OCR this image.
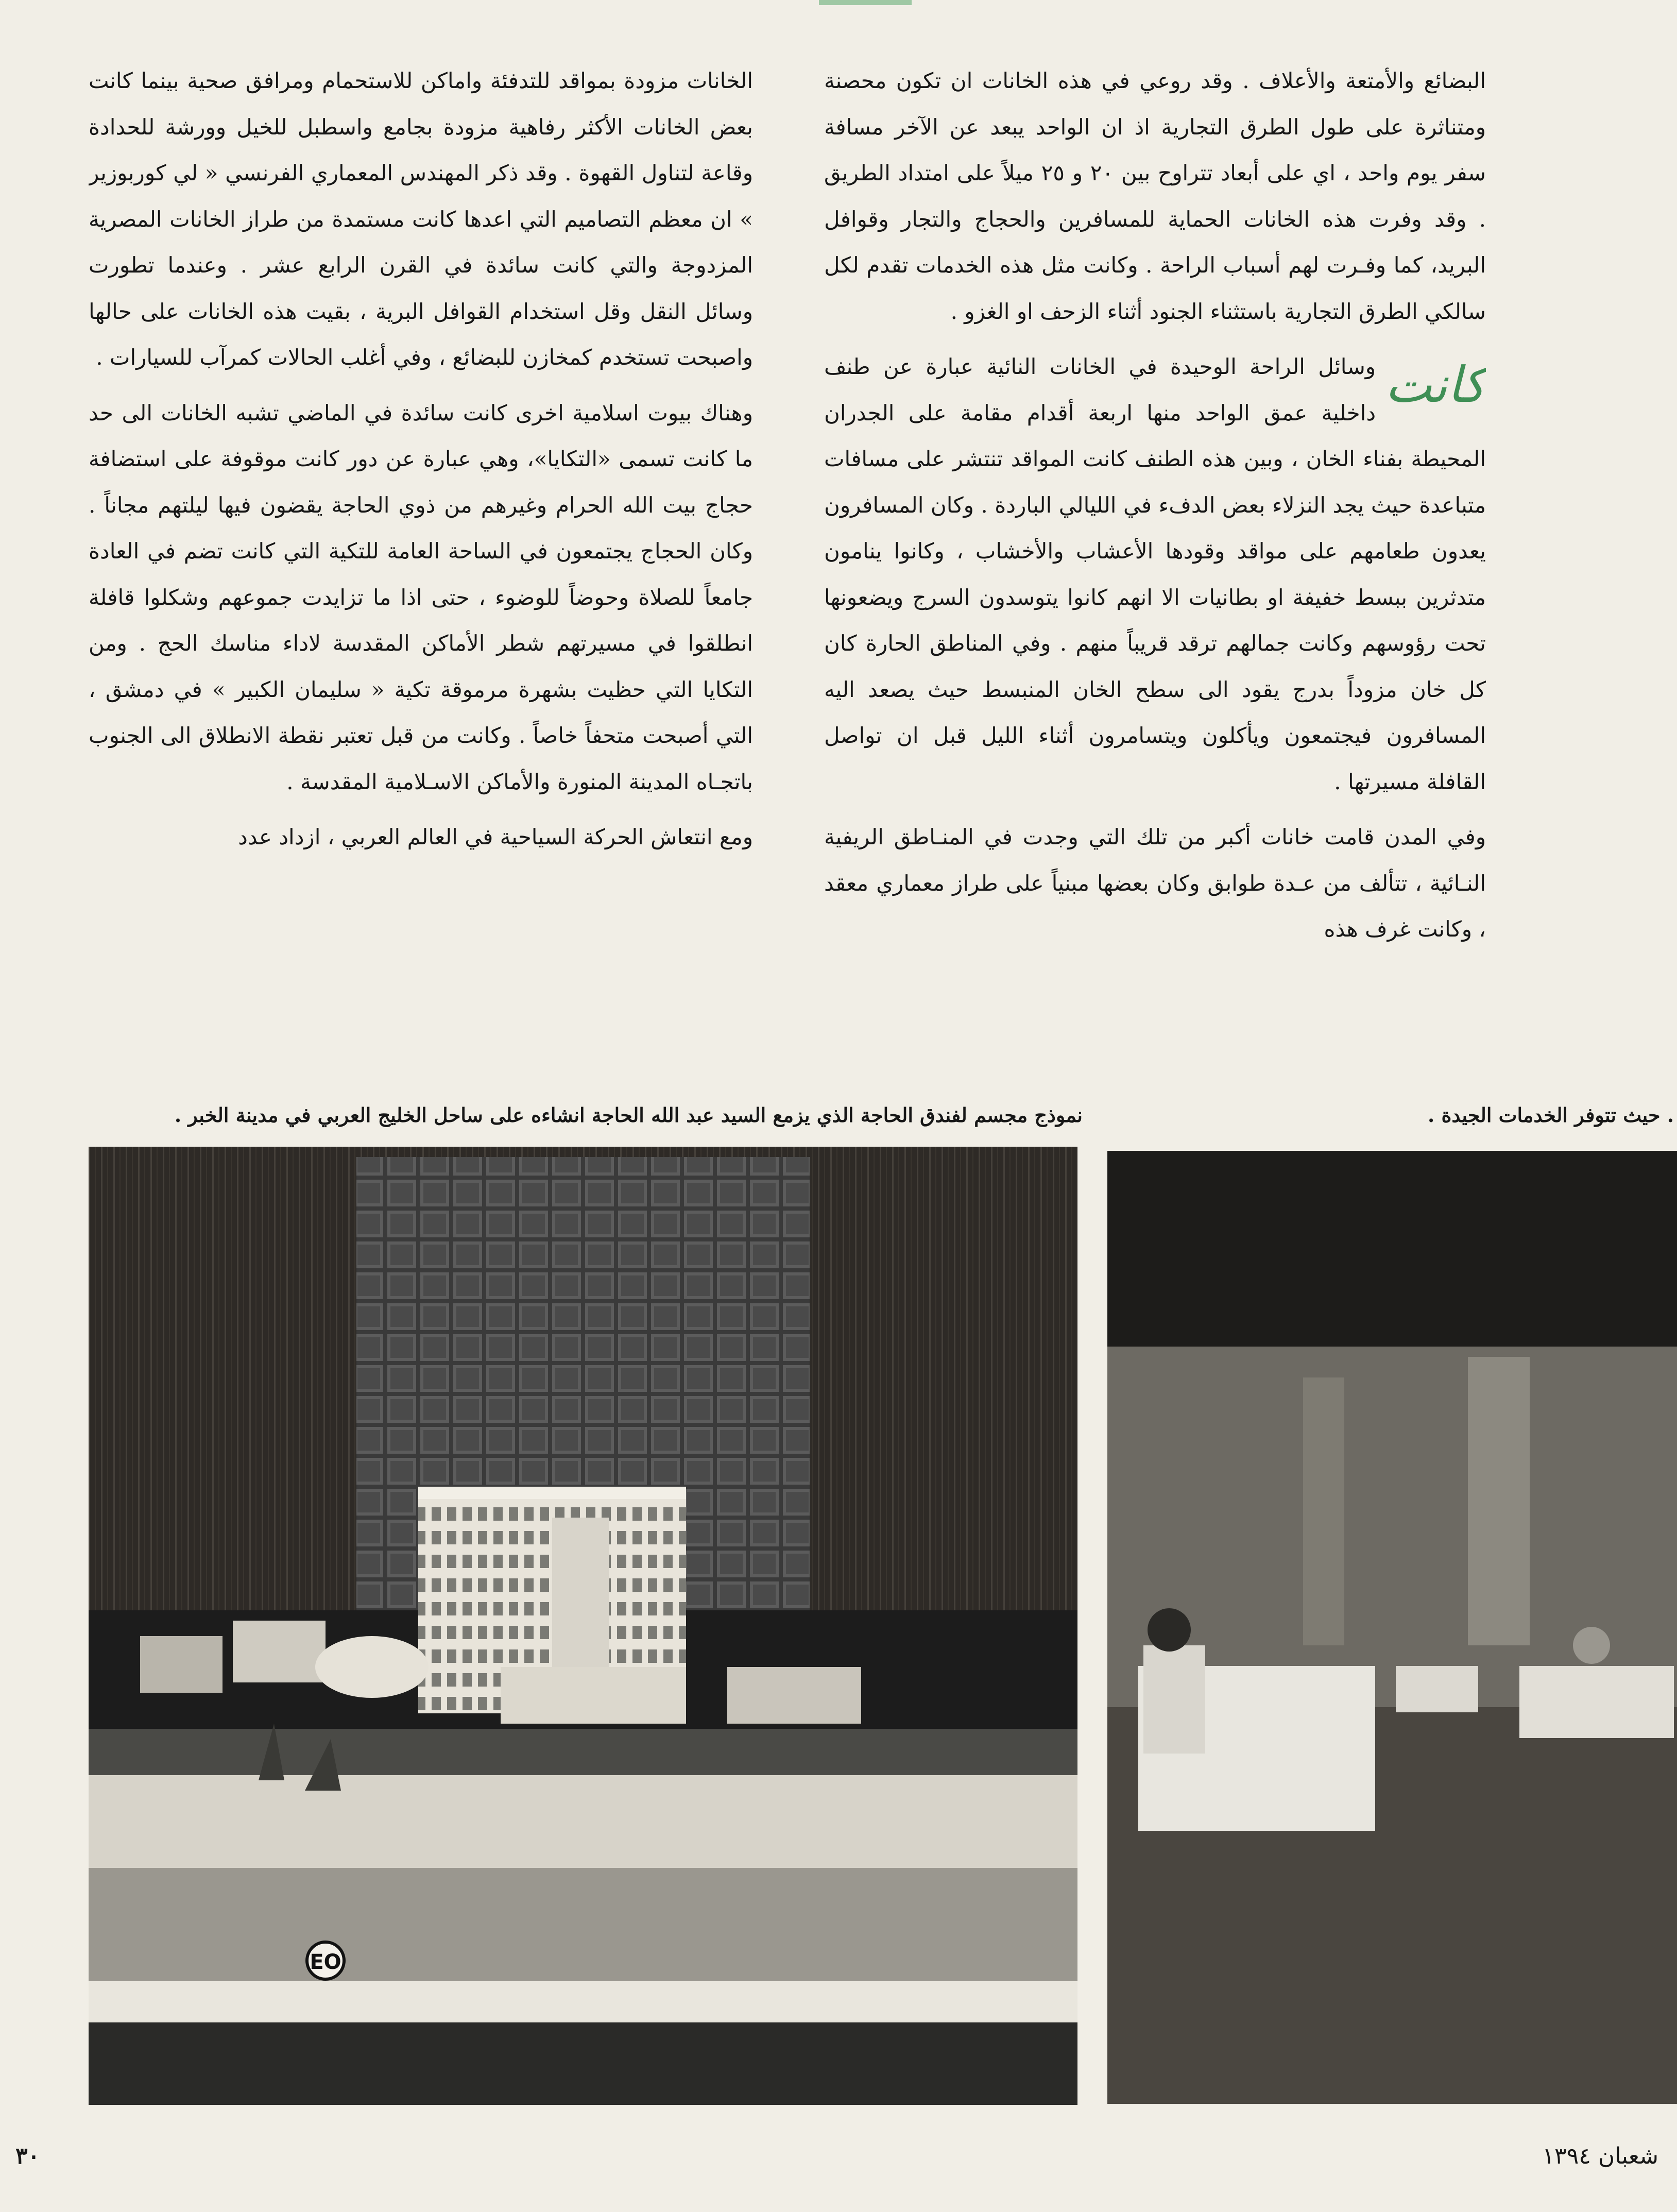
البضائع والأمتعة والأعلاف . وقد روعي في هذه الخانات ان تكون محصنة ومتناثرة على طول الطرق التجارية اذ ان الواحد يبعد عن الآخر مسافة سفر يوم واحد ، اي على أبعاد تتراوح بين ٢٠ و ٢٥ ميلاً على امتداد الطريق . وقد وفرت هذه الخانات الحماية للمسافرين والحجاج والتجار وقوافل البريد، كما وفـرت لهم أسباب الراحة . وكانت مثل هذه الخدمات تقدم لكل سالكي الطرق التجارية باستثناء الجنود أثناء الزحف او الغزو .

كانت

وسائل الراحة الوحيدة في الخانات النائية عبارة عن طنف داخلية عمق الواحد منها اربعة أقدام مقامة على الجدران المحيطة بفناء الخان ، وبين هذه الطنف كانت المواقد تنتشر على مسافات متباعدة حيث يجد النزلاء بعض الدفء في الليالي الباردة . وكان المسافرون يعدون طعامهم على مواقد وقودها الأعشاب والأخشاب ، وكانوا ينامون متدثرين ببسط خفيفة او بطانيات الا انهم كانوا يتوسدون السرج ويضعونها تحت رؤوسهم وكانت جمالهم ترقد قريباً منهم . وفي المناطق الحارة كان كل خان مزوداً بدرج يقود الى سطح الخان المنبسط حيث يصعد اليه المسافرون فيجتمعون ويأكلون ويتسامرون أثناء الليل قبل ان تواصل القافلة مسيرتها .

وفي المدن قامت خانات أكبر من تلك التي وجدت في المنـاطق الريفية النـائية ، تتألف من عـدة طوابق وكان بعضها مبنياً على طراز معماري معقد ، وكانت غرف هذه

الخانات مزودة بمواقد للتدفئة واماكن للاستحمام ومرافق صحية بينما كانت بعض الخانات الأكثر رفاهية مزودة بجامع واسطبل للخيل وورشة للحدادة وقاعة لتناول القهوة . وقد ذكر المهندس المعماري الفرنسي « لي كوربوزير » ان معظم التصاميم التي اعدها كانت مستمدة من طراز الخانات المصرية المزدوجة والتي كانت سائدة في القرن الرابع عشر . وعندما تطورت وسائل النقل وقل استخدام القوافل البرية ، بقيت هذه الخانات على حالها واصبحت تستخدم كمخازن للبضائع ، وفي أغلب الحالات كمرآب للسيارات .

وهناك بيوت اسلامية اخرى كانت سائدة في الماضي تشبه الخانات الى حد ما كانت تسمى «التكايا»، وهي عبارة عن دور كانت موقوفة على استضافة حجاج بيت الله الحرام وغيرهم من ذوي الحاجة يقضون فيها ليلتهم مجاناً . وكان الحجاج يجتمعون في الساحة العامة للتكية التي كانت تضم في العادة جامعاً للصلاة وحوضاً للوضوء ، حتى اذا ما تزايدت جموعهم وشكلوا قافلة انطلقوا في مسيرتهم شطر الأماكن المقدسة لاداء مناسك الحج . ومن التكايا التي حظيت بشهرة مرموقة تكية « سليمان الكبير » في دمشق ، التي أصبحت متحفاً خاصاً . وكانت من قبل تعتبر نقطة الانطلاق الى الجنوب باتجـاه المدينة المنورة والأماكن الاسـلامية المقدسة .

ومع انتعاش الحركة السياحية في العالم العربي ، ازداد عدد

. حيث تتوفر الخدمات الجيدة .
نموذج مجسم لفندق الحاجة الذي يزمع السيد عبد الله الحاجة انشاءه على ساحل الخليج العربي في مدينة الخبر .
EO
٣٠	شعبان ١٣٩٤
